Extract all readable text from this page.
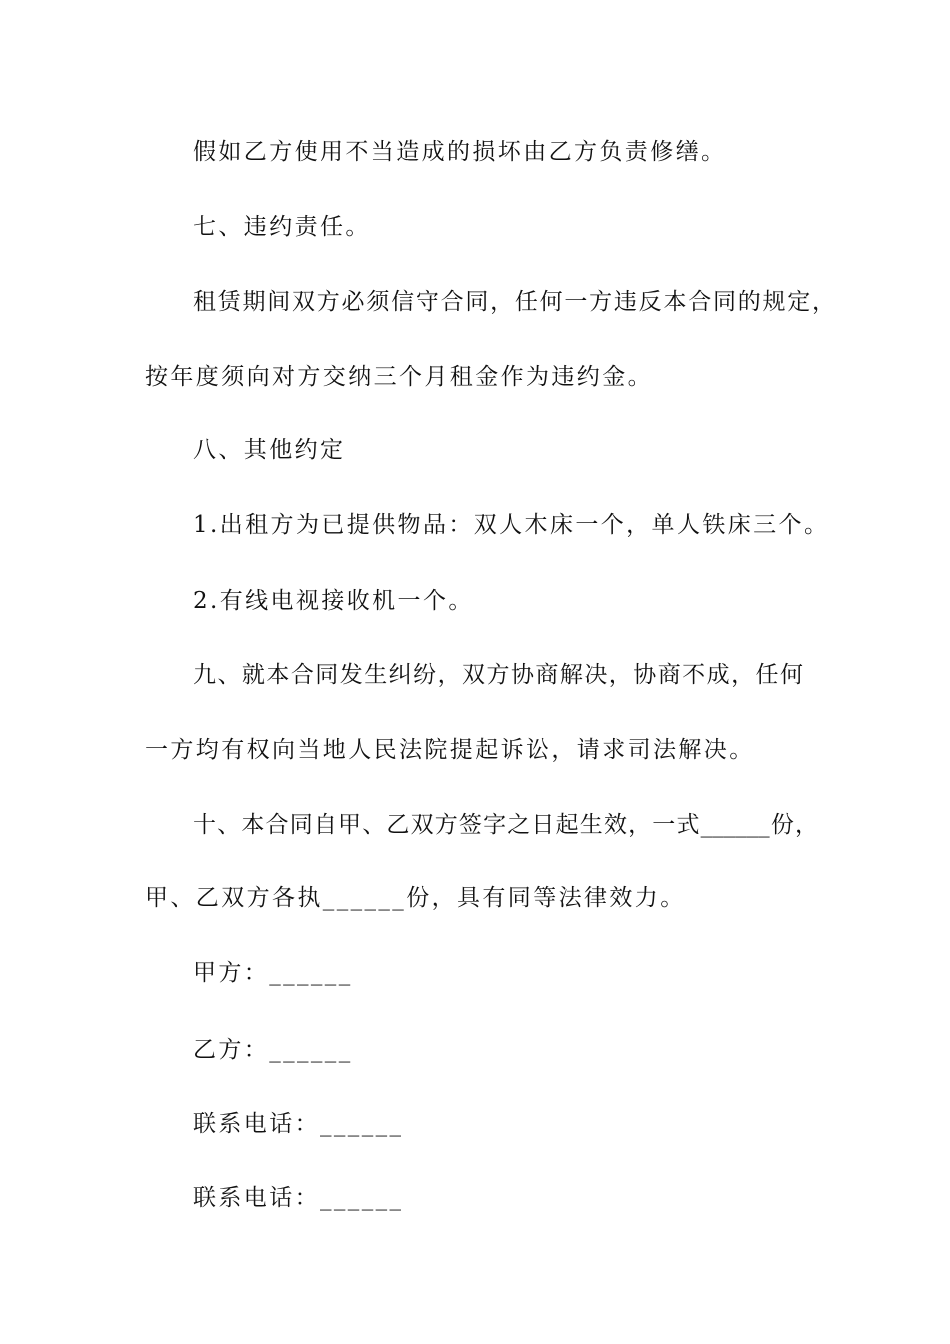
假如乙方使用不当造成的损坏由乙方负责修缮。
七、违约责任。
租赁期间双方必须信守合同，任何一方违反本合同的规定，
按年度须向对方交纳三个月租金作为违约金。
八、其他约定
1.出租方为已提供物品：双人木床一个，单人铁床三个。
2.有线电视接收机一个。
九、就本合同发生纠纷，双方协商解决，协商不成，任何
一方均有权向当地人民法院提起诉讼，请求司法解决。
十、本合同自甲、乙双方签字之日起生效，一式______份，
甲、乙双方各执______份，具有同等法律效力。
甲方：______
乙方：______
联系电话：______
联系电话：______
